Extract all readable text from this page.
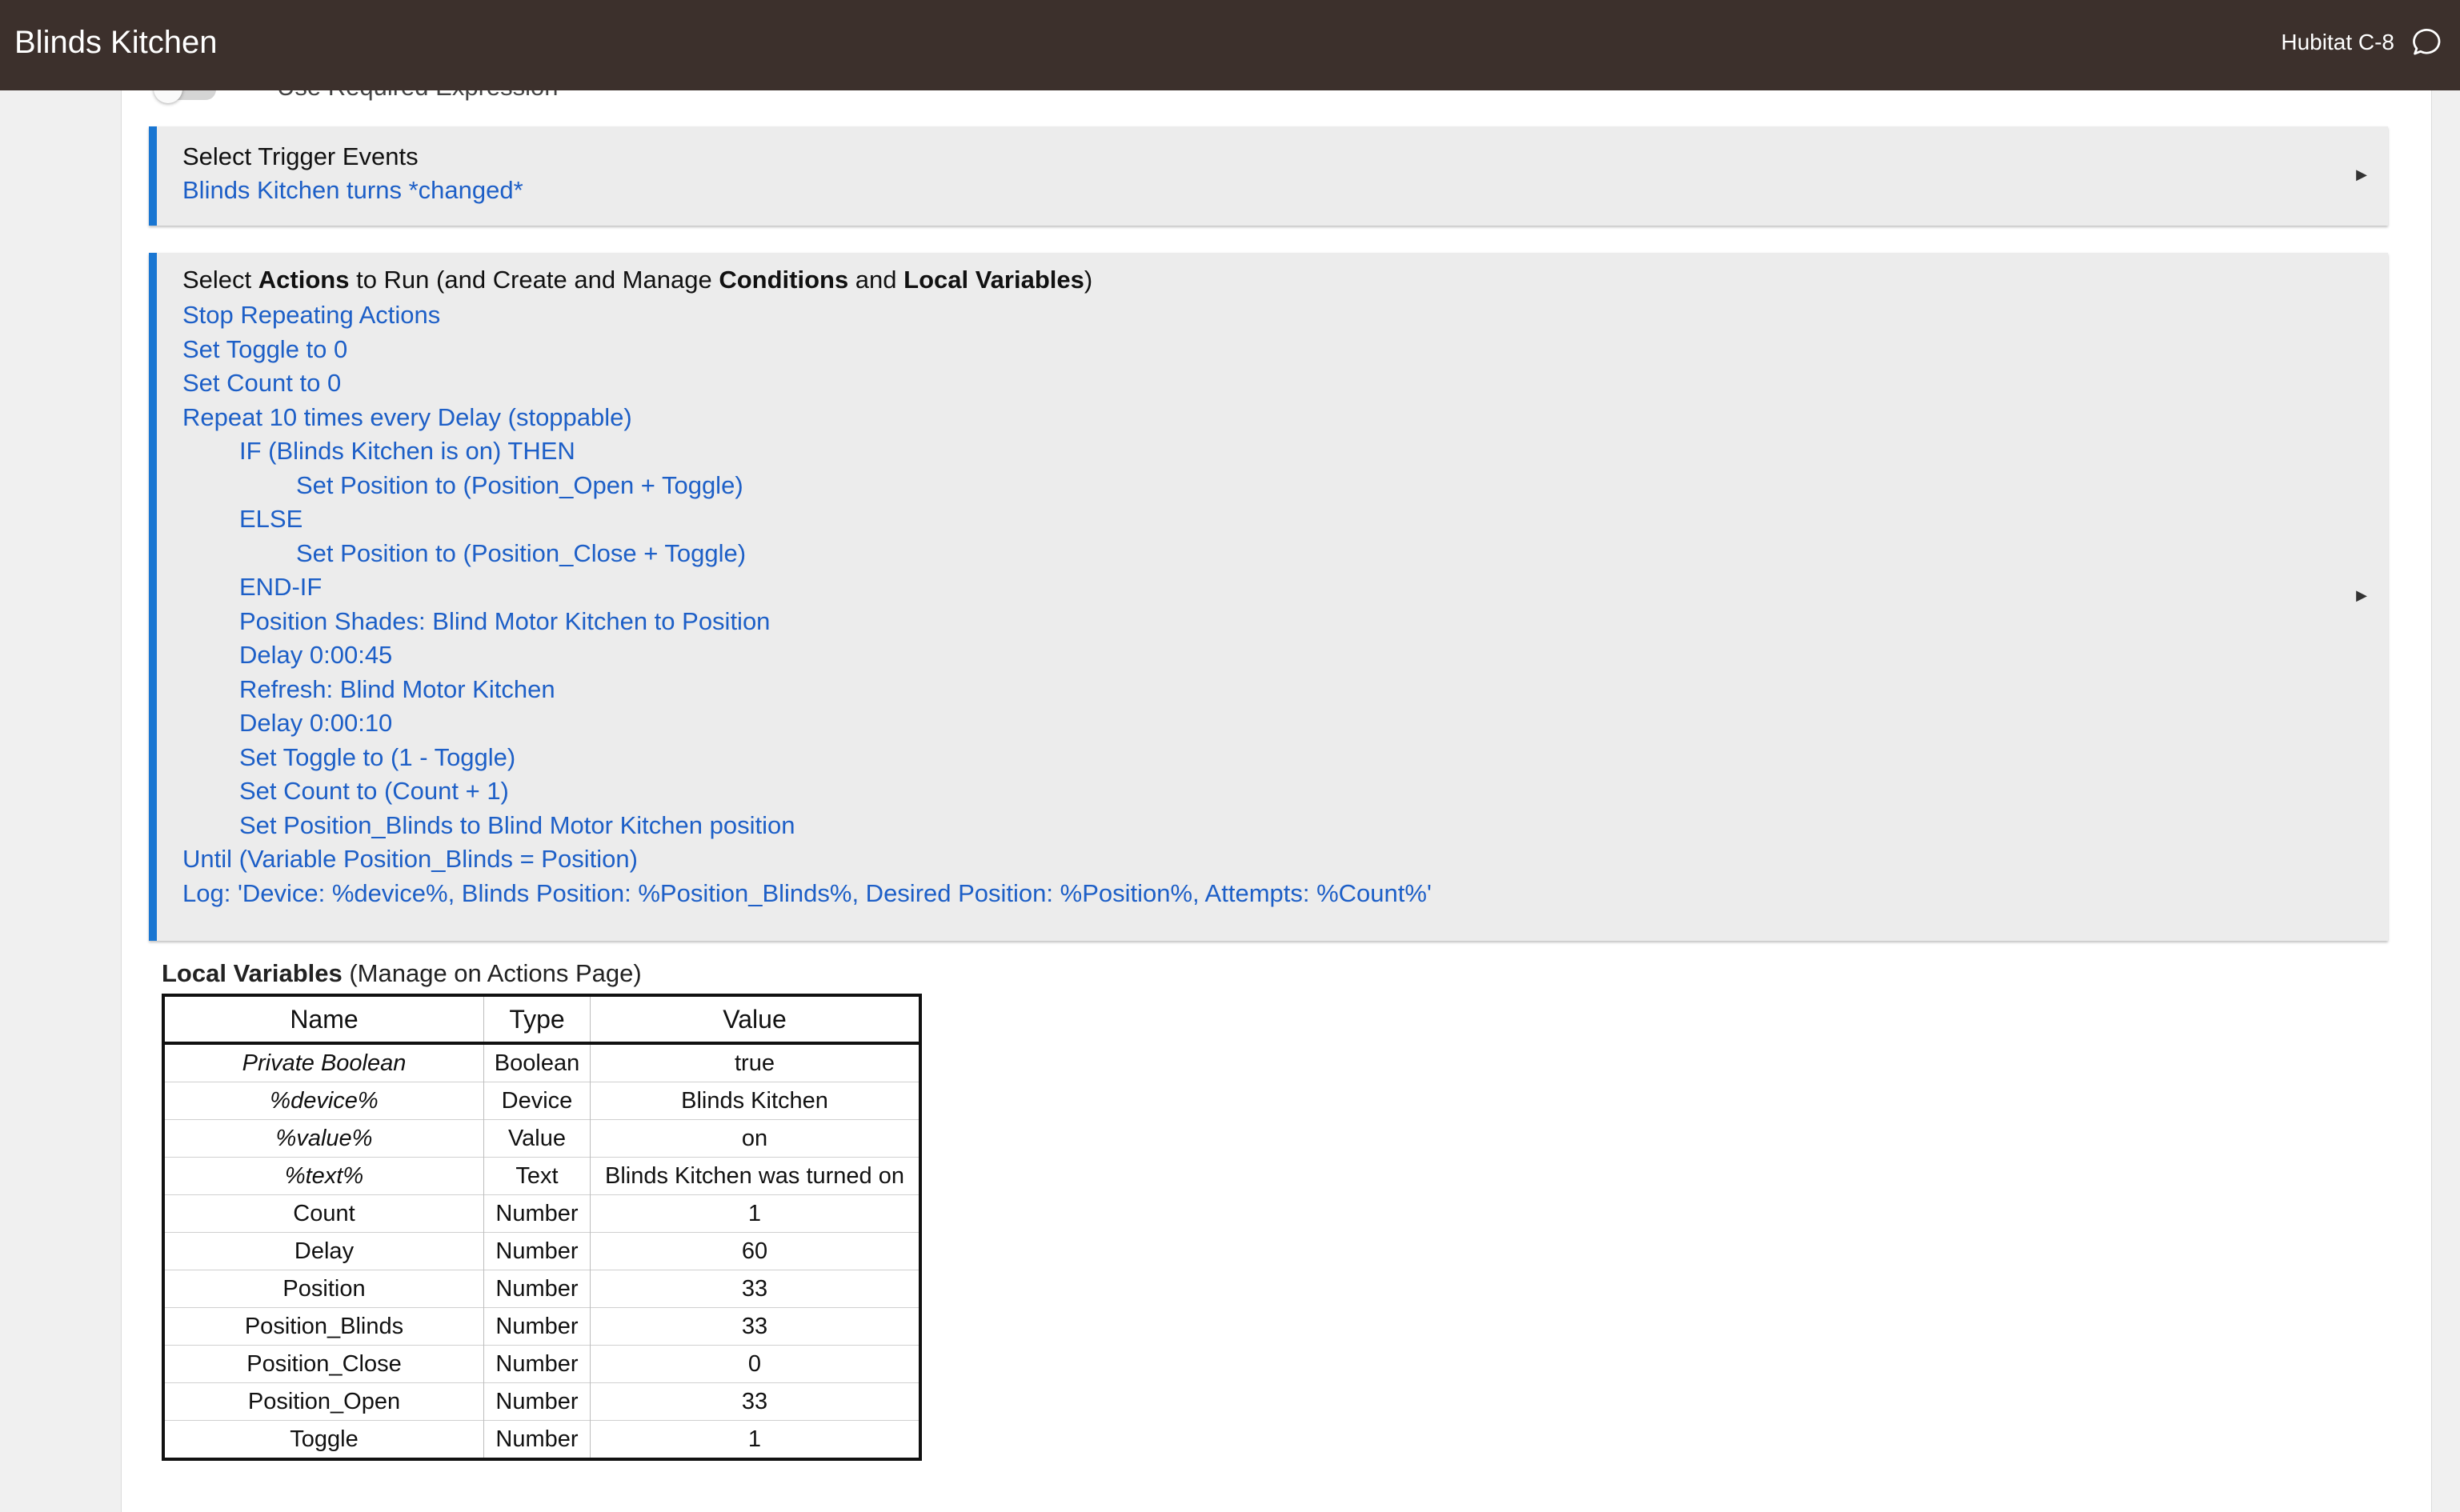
Blinds Kitchen	Hubitat C-8
Select Trigger Events
Blinds Kitchen turns *changed*
▶
Select Actions to Run (and Create and Manage Conditions and Local Variables)
Stop Repeating Actions
Set Toggle to 0
Set Count to 0
Repeat 10 times every Delay (stoppable)
IF (Blinds Kitchen is on) THEN
Set Position to (Position_Open + Toggle)
ELSE
Set Position to (Position_Close + Toggle)
END-IF
Position Shades: Blind Motor Kitchen to Position
Delay 0:00:45
Refresh: Blind Motor Kitchen
Delay 0:00:10
Set Toggle to (1 - Toggle)
Set Count to (Count + 1)
Set Position_Blinds to Blind Motor Kitchen position
Until (Variable Position_Blinds = Position)
Log: 'Device: %device%, Blinds Position: %Position_Blinds%, Desired Position: %Position%, Attempts: %Count%'
▶
Local Variables (Manage on Actions Page)
Name	Type	Value
Private Boolean	Boolean	true
%device%	Device	Blinds Kitchen
%value%	Value	on
%text%	Text	Blinds Kitchen was turned on
Count	Number	1
Delay	Number	60
Position	Number	33
Position_Blinds	Number	33
Position_Close	Number	0
Position_Open	Number	33
Toggle	Number	1
